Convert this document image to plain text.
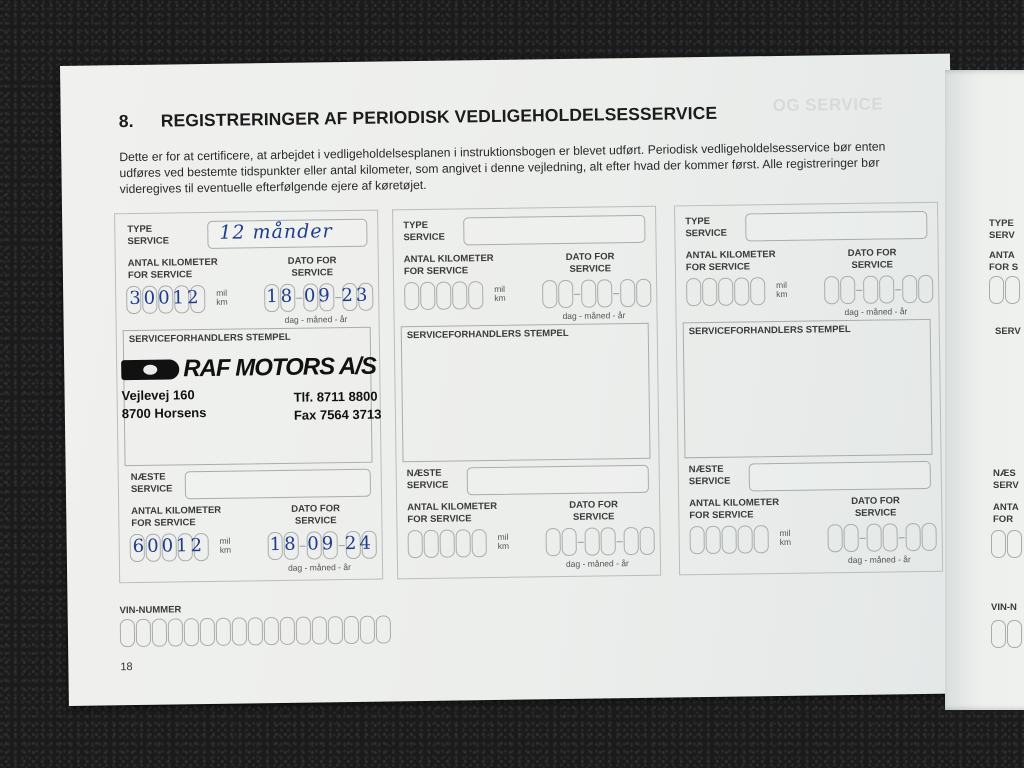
OG SERVICE
8. REGISTRERINGER AF PERIODISK VEDLIGEHOLDELSESSERVICE
Dette er for at certificere, at arbejdet i vedligeholdelsesplanen i instruktionsbogen er blevet udført. Periodisk vedligeholdelsesservice bør enten udføres ved bestemte tidspunkter eller antal kilometer, som angivet i denne vejledning, alt efter hvad der kommer først. Alle registreringer bør videregives til eventuelle efterfølgende ejere af køretøjet.
TYPE
SERVICE	12 månder
ANTAL KILOMETER
FOR SERVICE
DATO FOR
SERVICE
30012 mil
km 18 09 23
dag - måned - år
SERVICEFORHANDLERS STEMPEL
RAF MOTORS A/S
Vejlevej 160
8700 Horsens
Tlf. 8711 8800
Fax 7564 3713
NÆSTE
SERVICE
ANTAL KILOMETER
FOR SERVICE
DATO FOR
SERVICE
60012 mil
km 18 09 24
dag - måned - år
TYPE
SERVICE
ANTAL KILOMETER
FOR SERVICE
DATO FOR
SERVICE
mil
km
dag - måned - år
SERVICEFORHANDLERS STEMPEL
NÆSTE
SERVICE
ANTAL KILOMETER
FOR SERVICE
DATO FOR
SERVICE
mil
km
dag - måned - år
TYPE
SERVICE
ANTAL KILOMETER
FOR SERVICE
DATO FOR
SERVICE
mil
km
dag - måned - år
SERVICEFORHANDLERS STEMPEL
NÆSTE
SERVICE
ANTAL KILOMETER
FOR SERVICE
DATO FOR
SERVICE
mil
km
dag - måned - år
VIN-NUMMER
18
TYPE
SERV
ANTA
FOR S
SERV
NÆS
SERV
ANTA
FOR
VIN-N
